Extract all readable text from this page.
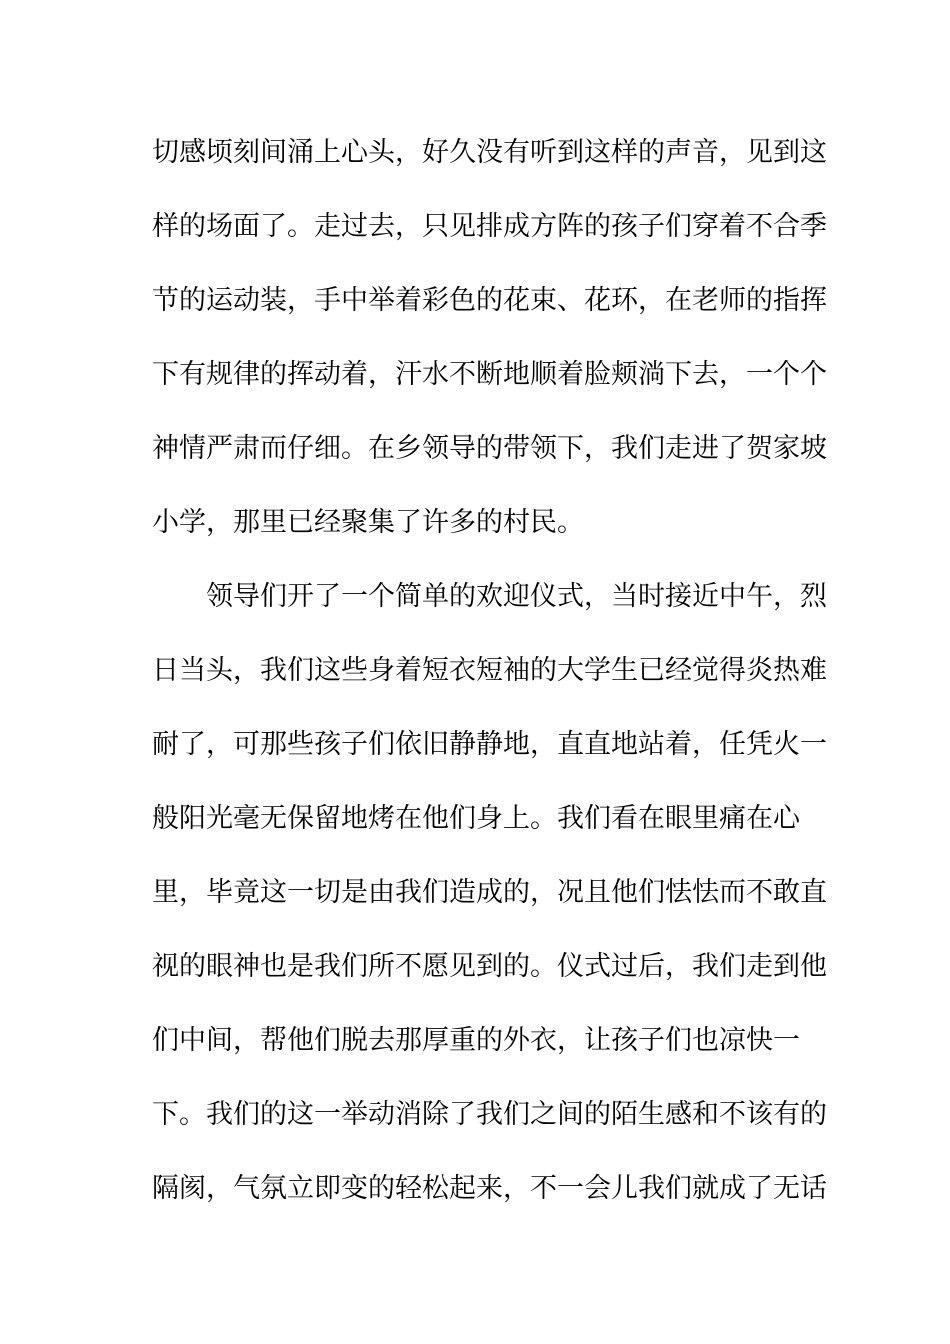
切感顷刻间涌上心头，好久没有听到这样的声音，见到这
样的场面了。走过去，只见排成方阵的孩子们穿着不合季
节的运动装，手中举着彩色的花束、花环，在老师的指挥
下有规律的挥动着，汗水不断地顺着脸颊淌下去，一个个
神情严肃而仔细。在乡领导的带领下，我们走进了贺家坡
小学，那里已经聚集了许多的村民。
领导们开了一个简单的欢迎仪式，当时接近中午，烈
日当头，我们这些身着短衣短袖的大学生已经觉得炎热难
耐了，可那些孩子们依旧静静地，直直地站着，任凭火一
般阳光毫无保留地烤在他们身上。我们看在眼里痛在心
里，毕竟这一切是由我们造成的，况且他们怯怯而不敢直
视的眼神也是我们所不愿见到的。仪式过后，我们走到他
们中间，帮他们脱去那厚重的外衣，让孩子们也凉快一
下。我们的这一举动消除了我们之间的陌生感和不该有的
隔阂，气氛立即变的轻松起来，不一会儿我们就成了无话
